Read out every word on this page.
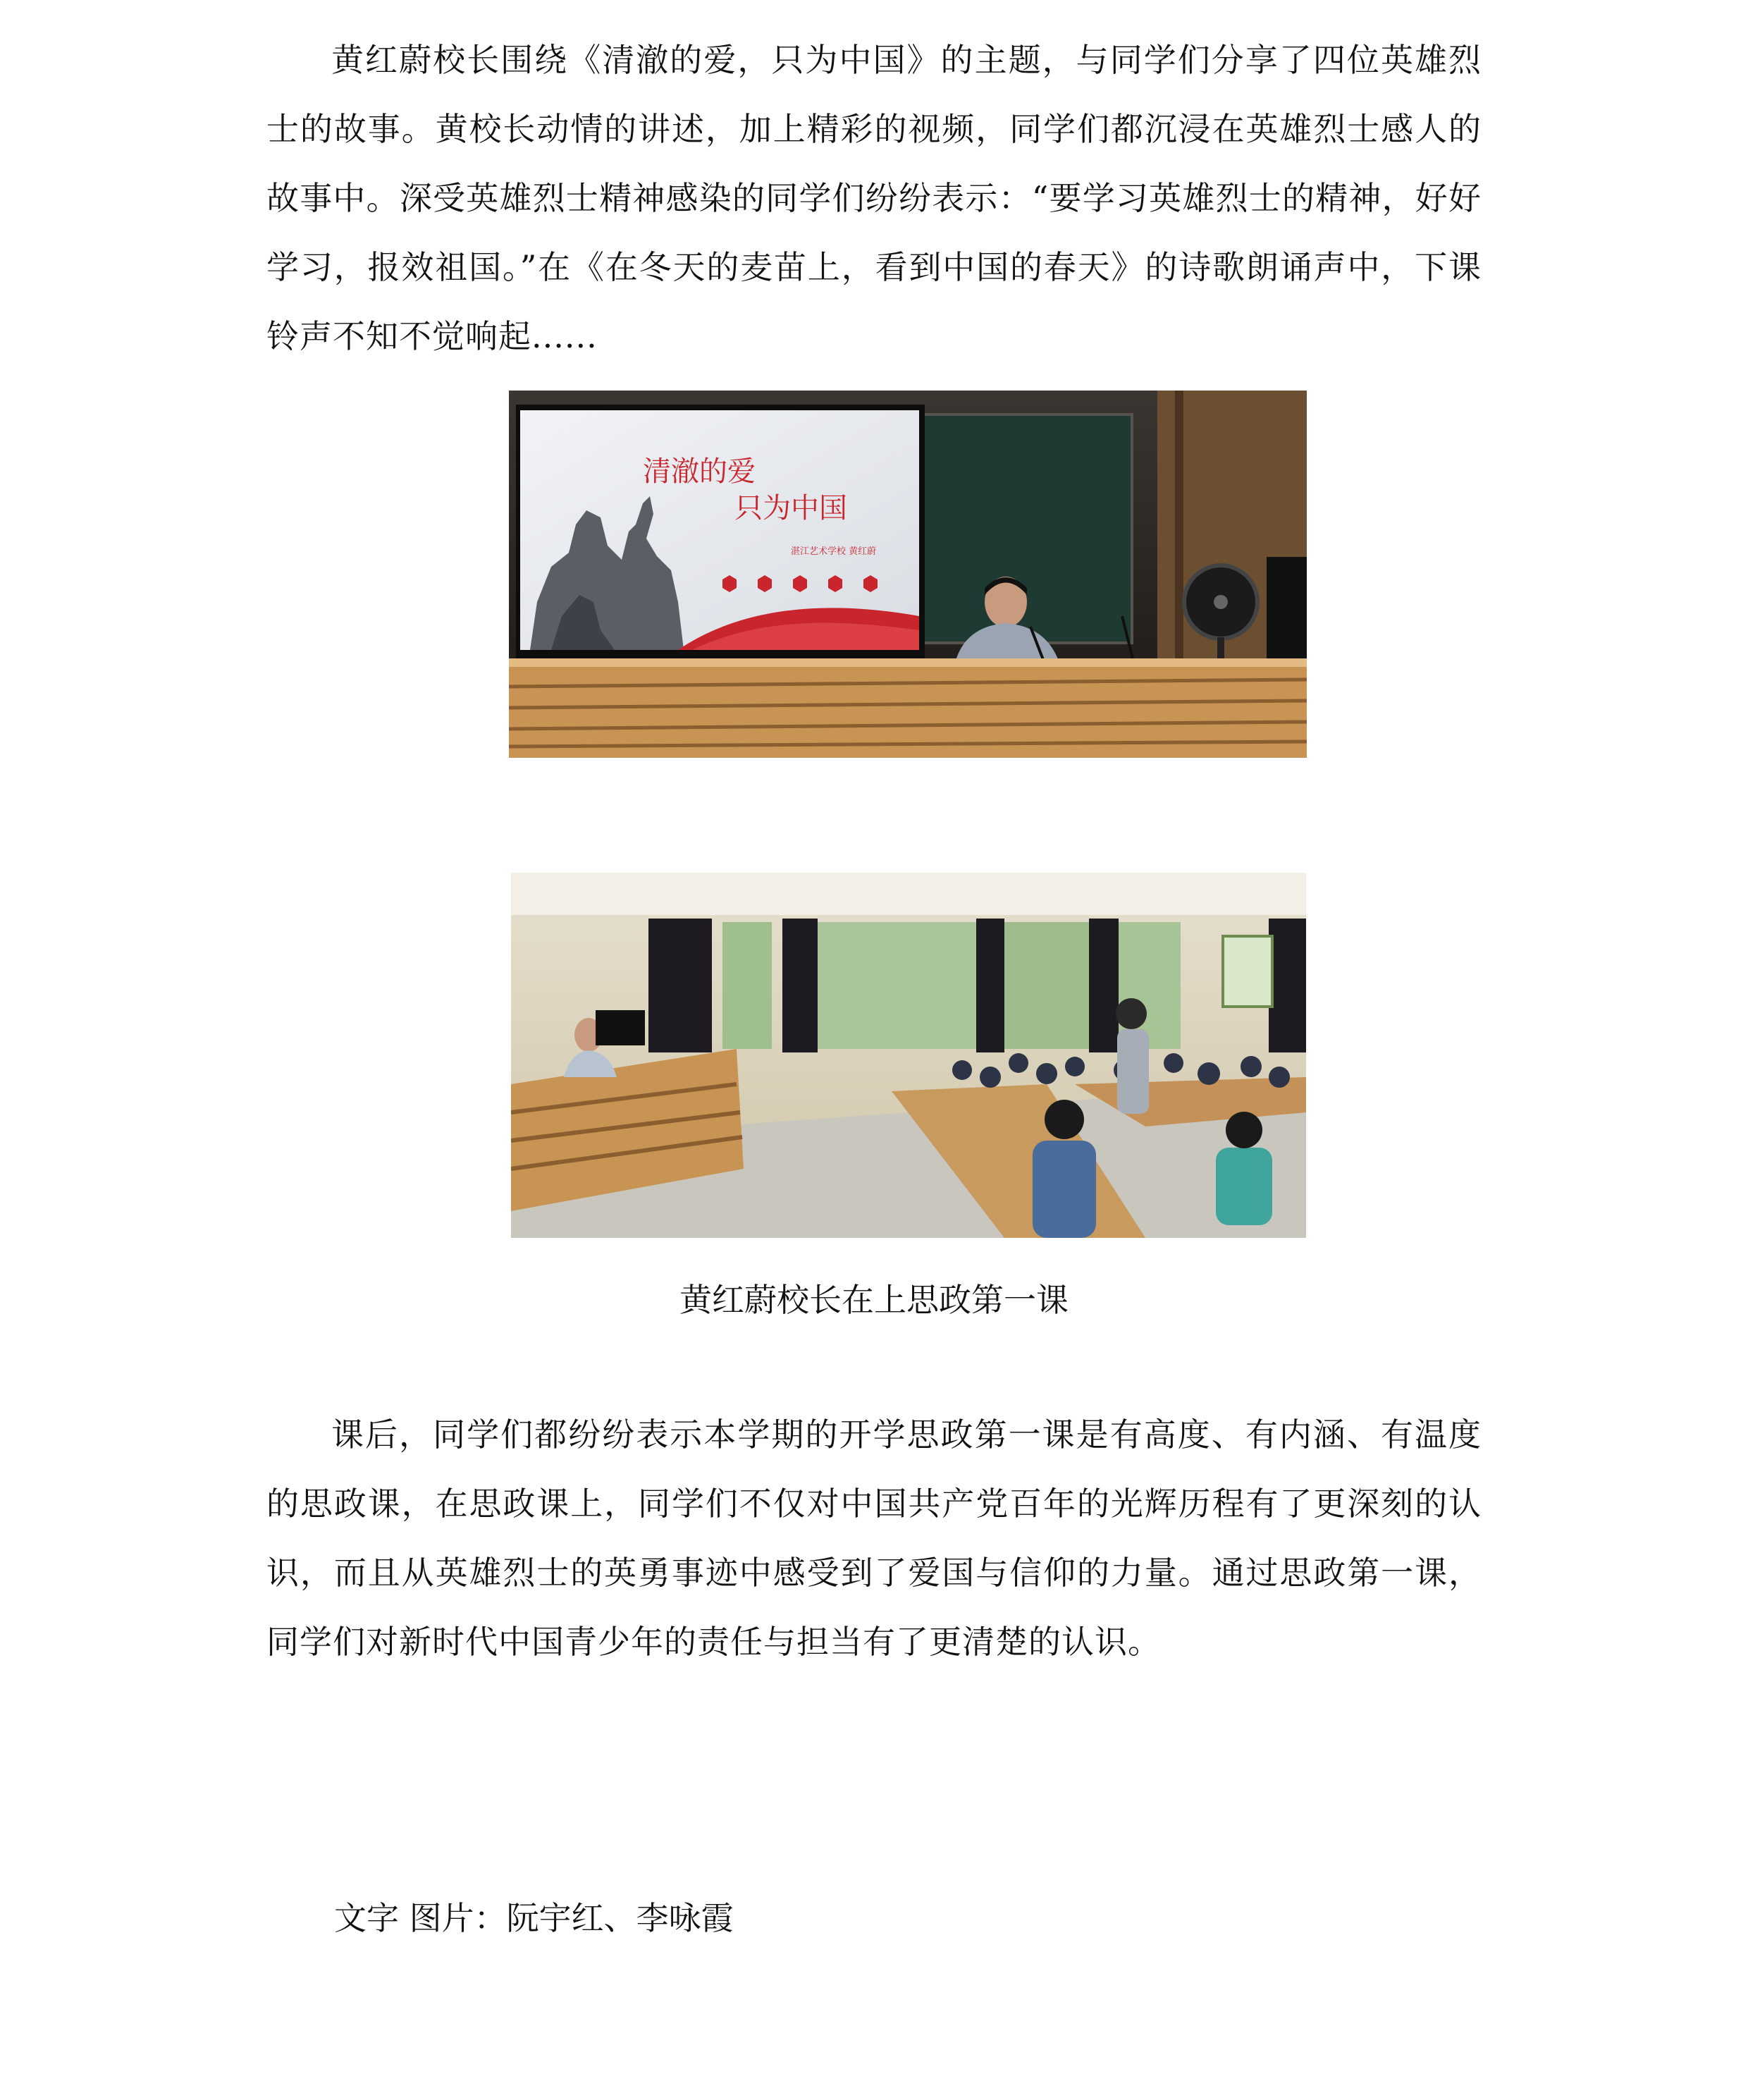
黄红蔚校长围绕《清澈的爱，只为中国》的主题，与同学们分享了四位英雄烈士的故事。黄校长动情的讲述，加上精彩的视频，同学们都沉浸在英雄烈士感人的故事中。深受英雄烈士精神感染的同学们纷纷表示：“要学习英雄烈士的精神，好好学习，报效祖国。”在《在冬天的麦苗上，看到中国的春天》的诗歌朗诵声中，下课铃声不知不觉响起......

清澈的爱
只为中国
湛江艺术学校 黄红蔚

黄红蔚校长在上思政第一课

课后，同学们都纷纷表示本学期的开学思政第一课是有高度、有内涵、有温度的思政课，在思政课上，同学们不仅对中国共产党百年的光辉历程有了更深刻的认识，而且从英雄烈士的英勇事迹中感受到了爱国与信仰的力量。通过思政第一课，同学们对新时代中国青少年的责任与担当有了更清楚的认识。

文字 图片：阮宇红、李咏霞
